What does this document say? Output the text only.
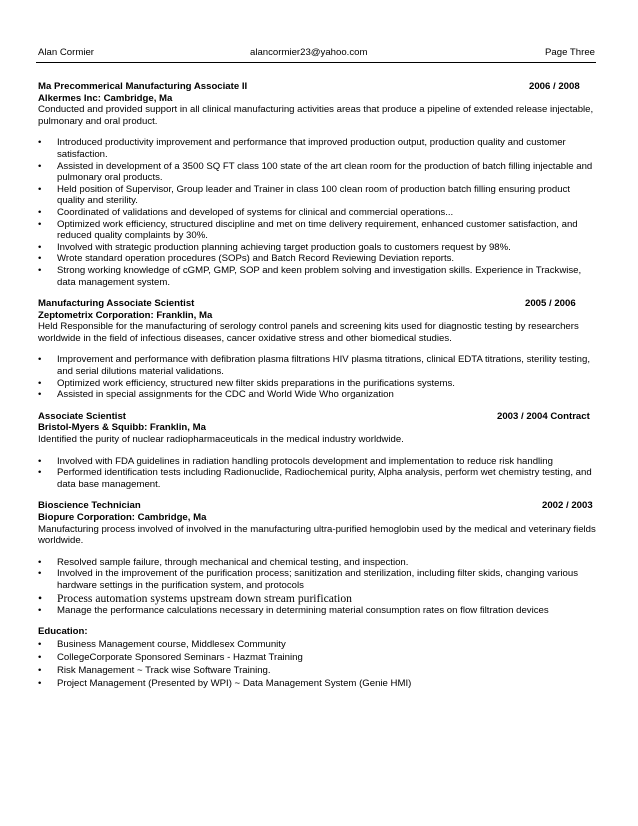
Alan Cormier	alancormier23@yahoo.com	Page Three
Ma Precommerical Manufacturing Associate II	2006 / 2008
Alkermes Inc: Cambridge, Ma
Conducted and provided support in all clinical manufacturing activities areas that produce a pipeline of extended release injectable, pulmonary and oral product.
• Introduced productivity improvement and performance that improved production output, production quality and customer satisfaction.
• Assisted in development of a 3500 SQ FT class 100 state of the art clean room for the production of batch filling injectable and pulmonary oral products.
• Held position of Supervisor, Group leader and Trainer in class 100 clean room of production batch filling ensuring product quality and sterility.
• Coordinated of validations and developed of systems for clinical and commercial operations...
• Optimized work efficiency, structured discipline and met on time delivery requirement, enhanced customer satisfaction, and reduced quality complaints by 30%.
• Involved with strategic production planning achieving target production goals to customers request by 98%.
• Wrote standard operation procedures (SOPs) and Batch Record Reviewing Deviation reports.
• Strong working knowledge of cGMP, GMP, SOP and keen problem solving and investigation skills. Experience in Trackwise, data management system.
Manufacturing Associate Scientist	2005 / 2006
Zeptometrix Corporation: Franklin, Ma
Held Responsible for the manufacturing of serology control panels and screening kits used for diagnostic testing by researchers worldwide in the field of infectious diseases, cancer oxidative stress and other biomedical studies.
• Improvement and performance with defibration plasma filtrations HIV plasma titrations, clinical EDTA titrations, sterility testing, and serial dilutions material validations.
• Optimized work efficiency, structured new filter skids preparations in the purifications systems.
• Assisted in special assignments for the CDC and World Wide Who organization
Associate Scientist	2003 / 2004 Contract
Bristol-Myers & Squibb: Franklin, Ma
Identified the purity of nuclear radiopharmaceuticals in the medical industry worldwide.
• Involved with FDA guidelines in radiation handling protocols development and implementation to reduce risk handling
• Performed identification tests including Radionuclide, Radiochemical purity, Alpha analysis, perform wet chemistry testing, and data base management.
Bioscience Technician	2002 / 2003
Biopure Corporation: Cambridge, Ma
Manufacturing process involved of involved in the manufacturing ultra-purified hemoglobin used by the medical and veterinary fields worldwide.
• Resolved sample failure, through mechanical and chemical testing, and inspection.
• Involved in the improvement of the purification process; sanitization and sterilization, including filter skids, changing various hardware settings in the purification system, and protocols
• Process automation systems upstream down stream purification
• Manage the performance calculations necessary in determining material consumption rates on flow filtration devices
Education:
• Business Management course, Middlesex Community
• CollegeCorporate Sponsored Seminars - Hazmat Training
• Risk Management ~ Track wise Software Training.
• Project Management (Presented by WPI) ~ Data Management System (Genie HMI)
